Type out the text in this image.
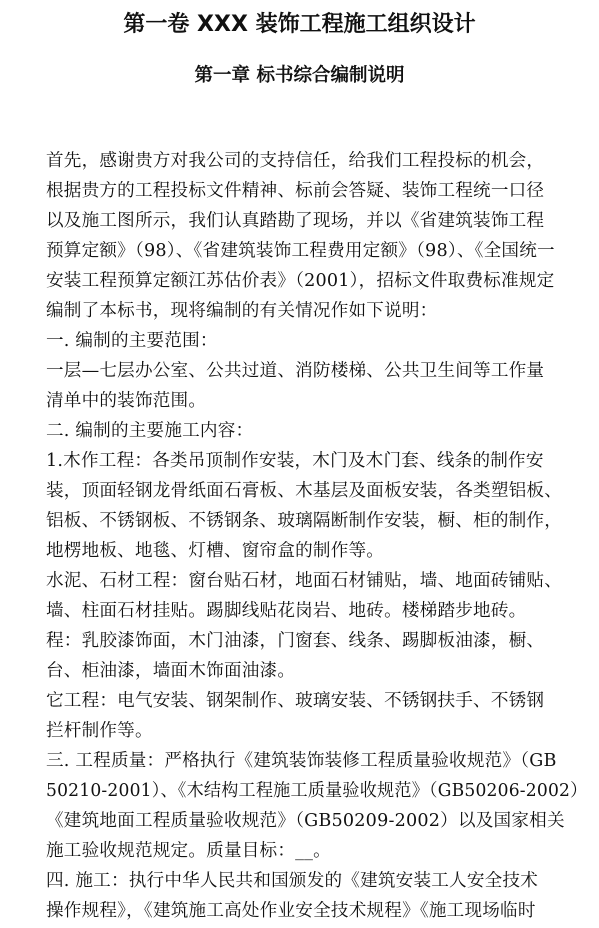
第一卷 XXX 装饰工程施工组织设计
第一章 标书综合编制说明
首先，感谢贵方对我公司的支持信任，给我们工程投标的机会，
根据贵方的工程投标文件精神、标前会答疑、装饰工程统一口径
以及施工图所示，我们认真踏勘了现场，并以《省建筑装饰工程
预算定额》（98）、《省建筑装饰工程费用定额》（98）、《全国统一
安装工程预算定额江苏估价表》（2001），招标文件取费标准规定
编制了本标书，现将编制的有关情况作如下说明：
一. 编制的主要范围：
一层—七层办公室、公共过道、消防楼梯、公共卫生间等工作量
清单中的装饰范围。
二. 编制的主要施工内容：
1.木作工程：各类吊顶制作安装，木门及木门套、线条的制作安
装，顶面轻钢龙骨纸面石膏板、木基层及面板安装，各类塑铝板、
铝板、不锈钢板、不锈钢条、玻璃隔断制作安装，橱、柜的制作，
地楞地板、地毯、灯槽、窗帘盒的制作等。
水泥、石材工程：窗台贴石材，地面石材铺贴，墙、地面砖铺贴、
墙、柱面石材挂贴。踢脚线贴花岗岩、地砖。楼梯踏步地砖。
程：乳胶漆饰面，木门油漆，门窗套、线条、踢脚板油漆，橱、
台、柜油漆，墙面木饰面油漆。
它工程：电气安装、钢架制作、玻璃安装、不锈钢扶手、不锈钢
拦杆制作等。
三. 工程质量：严格执行《建筑装饰装修工程质量验收规范》（GB
50210-2001）、《木结构工程施工质量验收规范》（GB50206-2002）
《建筑地面工程质量验收规范》（GB50209-2002）以及国家相关
施工验收规范规定。质量目标：__。
四. 施工：执行中华人民共和国颁发的《建筑安装工人安全技术
操作规程》，《建筑施工高处作业安全技术规程》《施工现场临时
